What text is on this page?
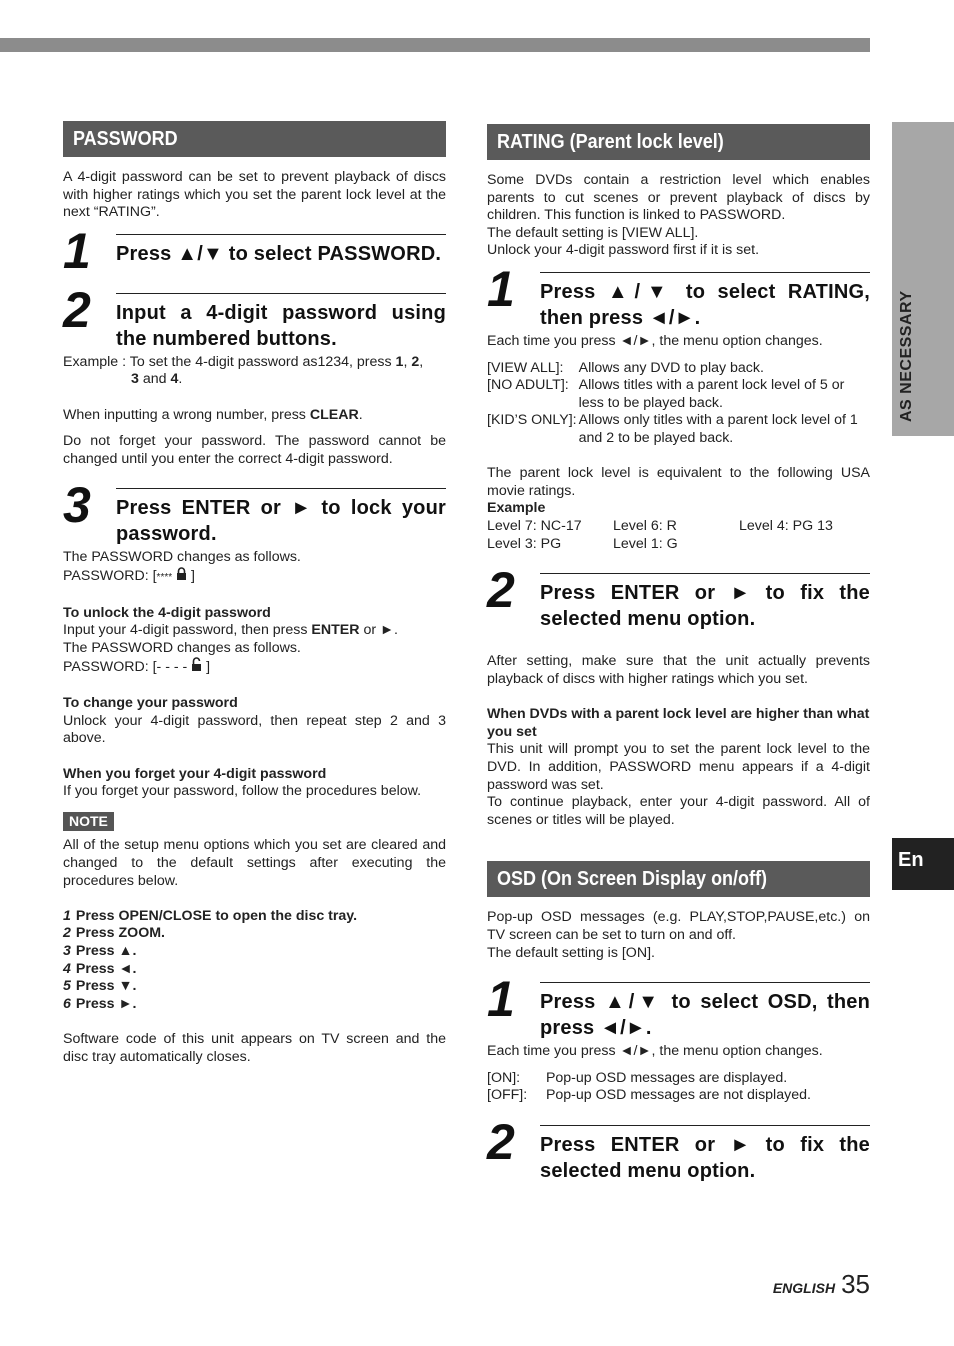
AS NECESSARY
En
PASSWORD

A 4-digit password can be set to prevent playback of discs with higher ratings which you set the parent lock level at the next “RATING”.

1 Press ▲/▼ to select PASSWORD.
2 Input a 4-digit password using the numbered buttons.

Example : To set the 4-digit password as1234, press 1, 2,
3 and 4.

When inputting a wrong number, press CLEAR.

Do not forget your password. The password cannot be changed until you enter the correct 4-digit password.

3 Press ENTER or ► to lock your password.

The PASSWORD changes as follows.

PASSWORD: [****  ]

To unlock the 4-digit password

Input your 4-digit password, then press ENTER or ►.

The PASSWORD changes as follows.

PASSWORD: [- - - -  ]

To change your password

Unlock your 4-digit password, then repeat step 2 and 3 above.

When you forget your 4-digit password

If you forget your password, follow the procedures below.

NOTE

All of the setup menu options which you set are cleared and changed to the default settings after executing the procedures below.

1 Press OPEN/CLOSE to open the disc tray.
2 Press ZOOM.
3 Press ▲.
4 Press ◄.
5 Press ▼.
6 Press ►.

Software code of this unit appears on TV screen and the disc tray automatically closes.

RATING (Parent lock level)

Some DVDs contain a restriction level which enables parents to cut scenes or prevent playback of discs by children. This function is linked to PASSWORD.

The default setting is [VIEW ALL].

Unlock your 4-digit password first if it is set.

1 Press ▲/▼ to select RATING, then press ◄/►.

Each time you press ◄/►, the menu option changes.

[VIEW ALL]:	Allows any DVD to play back.
[NO ADULT]:	Allows titles with a parent lock level of 5 or less to be played back.
[KID’S ONLY]:	Allows only titles with a parent lock level of 1 and 2 to be played back.

The parent lock level is equivalent to the following USA movie ratings.

Example

Level 7: NC-17	Level 6: R	Level 4: PG 13
Level 3: PG	Level 1: G	
2 Press ENTER or ► to fix the selected menu option.

After setting, make sure that the unit actually prevents playback of discs with higher ratings which you set.

When DVDs with a parent lock level are higher than what you set

This unit will prompt you to set the parent lock level to the DVD. In addition, PASSWORD menu appears if a 4-digit password was set.

To continue playback, enter your 4-digit password. All of scenes or titles will be played.

OSD (On Screen Display on/off)

Pop-up OSD messages (e.g. PLAY,STOP,PAUSE,etc.) on TV screen can be set to turn on and off.

The default setting is [ON].

1 Press ▲/▼ to select OSD, then press ◄/►.

Each time you press ◄/►, the menu option changes.

[ON]:	Pop-up OSD messages are displayed.
[OFF]:	Pop-up OSD messages are not displayed.
2 Press ENTER or ► to fix the selected menu option.
ENGLISH 35
